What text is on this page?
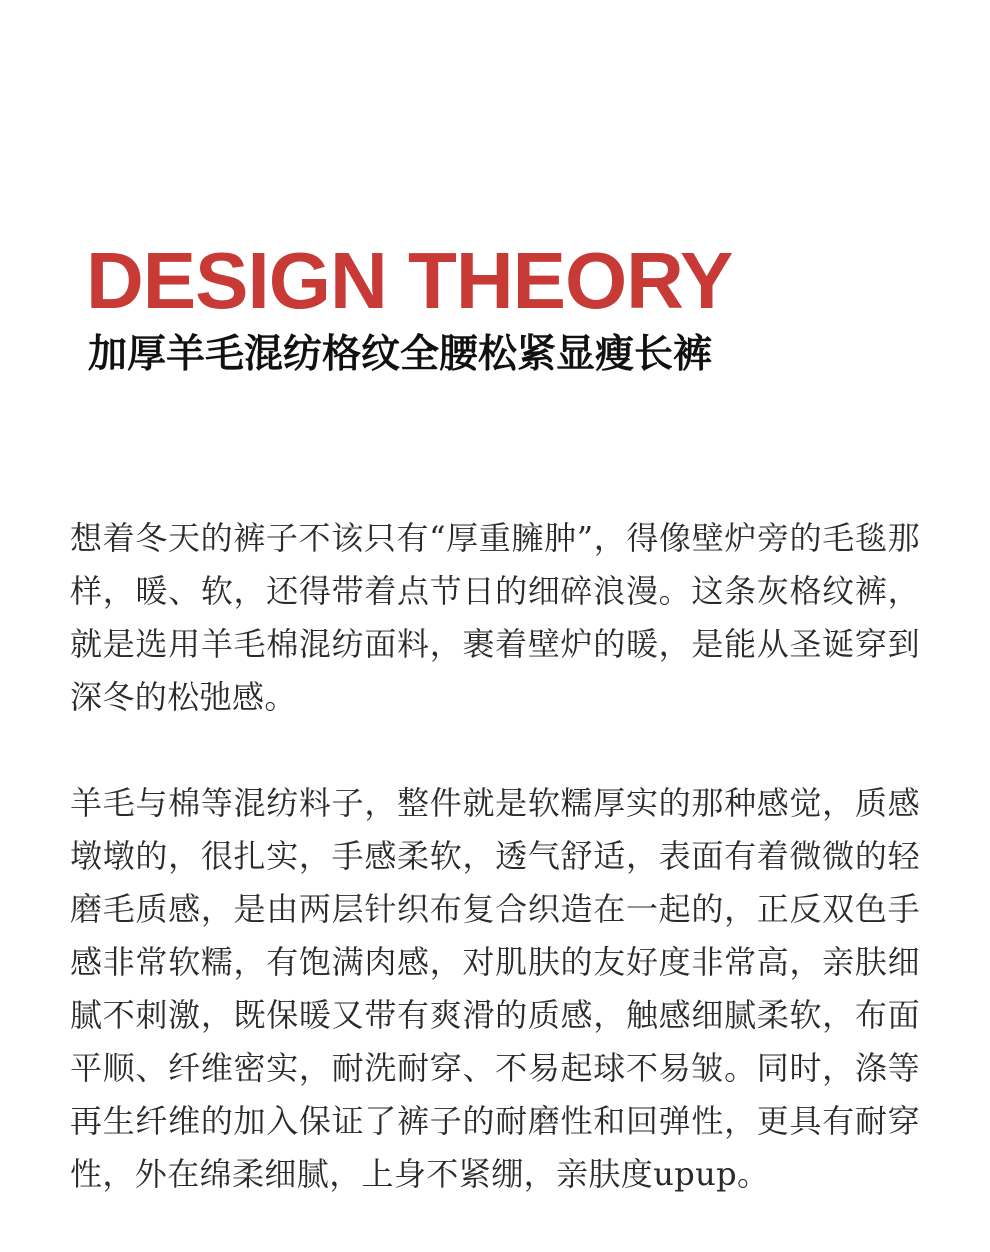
DESIGN THEORY
加厚羊毛混纺格纹全腰松紧显瘦长裤

想着冬天的裤子不该只有“厚重臃肿”，得像壁炉旁的毛毯那样，暖、软，还得带着点节日的细碎浪漫。这条灰格纹裤，就是选用羊毛棉混纺面料，裹着壁炉的暖，是能从圣诞穿到深冬的松弛感。

羊毛与棉等混纺料子，整件就是软糯厚实的那种感觉，质感墩墩的，很扎实，手感柔软，透气舒适，表面有着微微的轻磨毛质感，是由两层针织布复合织造在一起的，正反双色手感非常软糯，有饱满肉感，对肌肤的友好度非常高，亲肤细腻不刺激，既保暖又带有爽滑的质感，触感细腻柔软，布面平顺、纤维密实，耐洗耐穿、不易起球不易皱。同时，涤等再生纤维的加入保证了裤子的耐磨性和回弹性，更具有耐穿性，外在绵柔细腻，上身不紧绷，亲肤度upup。
